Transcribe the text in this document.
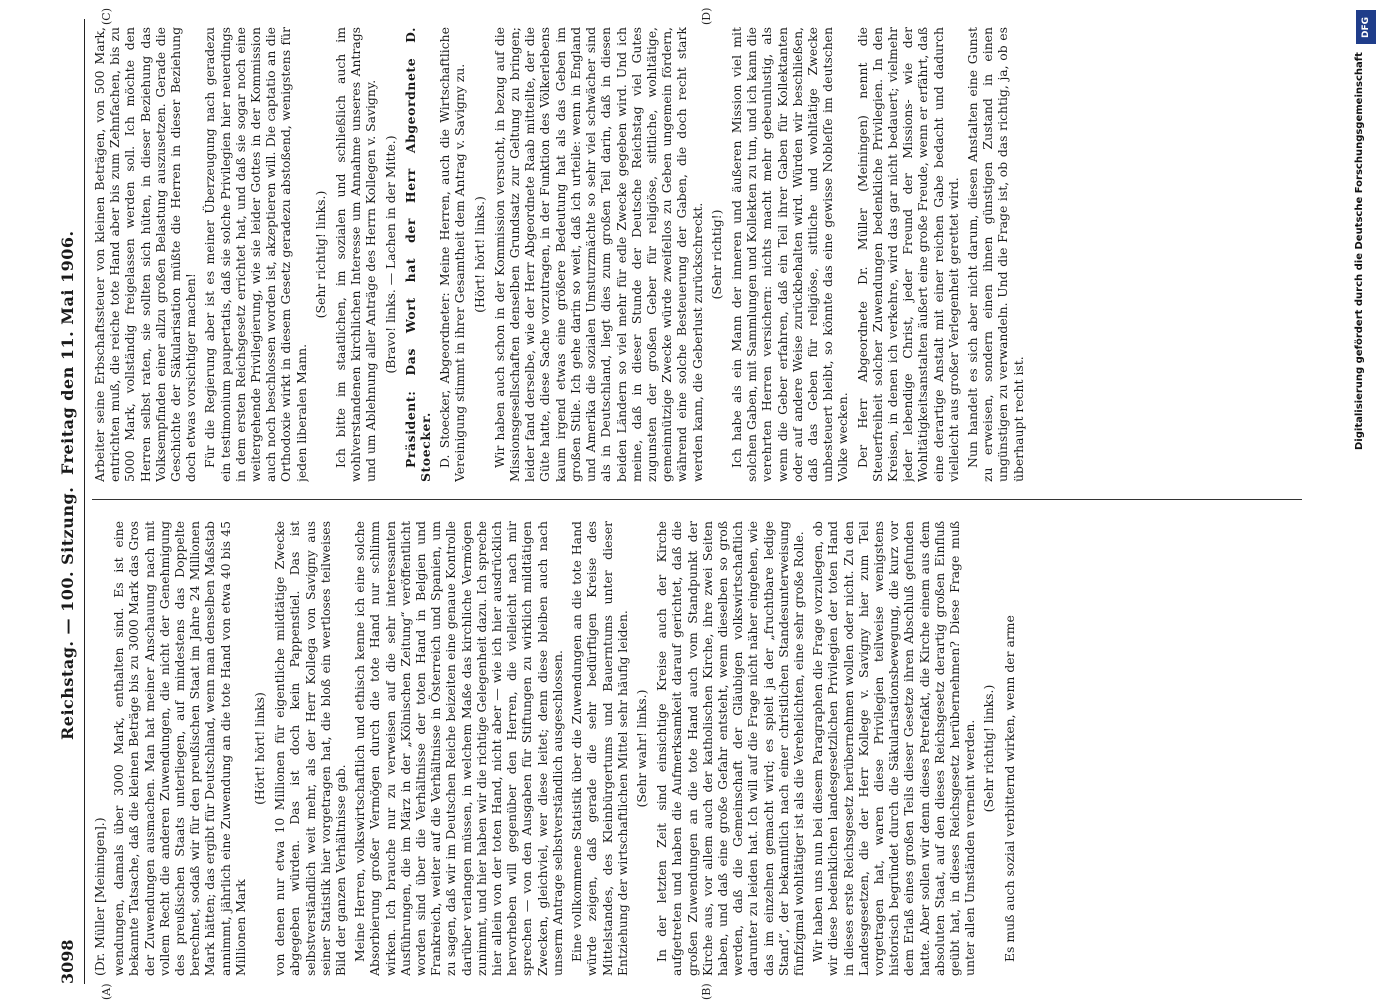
3098
Reichstag. — 100. Sitzung.
Freitag den 11. Mai 1906.
(A)	(B)
(C)	(D)

(Dr. Müller [Meiningen].) wendungen, damals über 3000 Mark, enthalten sind. Es ist eine bekannte Tatsache, daß die kleinen Beträge bis zu 3000 Mark das Gros der Zuwendungen ausmachen. Man hat meiner Anschauung nach mit vollem Recht die anderen Zuwendungen, die nicht der Genehmigung des preußischen Staats unterliegen, auf mindestens das Doppelte berechnet, sodaß wir für den preußischen Staat im Jahre 24 Millionen Mark hätten; das ergibt für Deutschland, wenn man denselben Maßstab annimmt, jährlich eine Zuwendung an die tote Hand von etwa 40 bis 45 Millionen Mark

(Hört! hört! links) von denen nur etwa 10 Millionen für eigentliche mildtätige Zwecke abgegeben würden. Das ist doch kein Pappenstiel. Das ist selbstverständlich weit mehr, als der Herr Kollega von Savigny aus seiner Statistik hier vorgetragen hat, die bloß ein wertloses teilweises Bild der ganzen Verhältnisse gab. Meine Herren, volkswirtschaftlich und ethisch kenne ich eine solche Absorbierung großer Vermögen durch die tote Hand nur schlimm wirken. Ich brauche nur zu verweisen auf die sehr interessanten Ausführungen, die im März in der „Kölnischen Zeitung“ veröffentlicht worden sind über die Verhältnisse der toten Hand in Belgien und Frankreich, weiter auf die Verhältnisse in Österreich und Spanien, um zu sagen, daß wir im Deutschen Reiche beizeiten eine genaue Kontrolle darüber verlangen müssen, in welchem Maße das kirchliche Vermögen zunimmt, und hier haben wir die richtige Gelegenheit dazu. Ich spreche hier allein von der toten Hand, nicht aber — wie ich hier ausdrücklich hervorheben will gegenüber den Herren, die vielleicht nach mir sprechen — von den Ausgaben für Stiftungen zu wirklich mildtätigen Zwecken, gleichviel, wer diese leitet; denn diese bleiben auch nach unserm Antrage selbstverständlich ausgeschlossen. Eine vollkommene Statistik über die Zuwendungen an die tote Hand würde zeigen, daß gerade die sehr bedürftigen Kreise des Mittelstandes, des Kleinbürgertums und Bauerntums unter dieser Entziehung der wirtschaftlichen Mittel sehr häufig leiden. (Sehr wahr! links.) In der letzten Zeit sind einsichtige Kreise auch der Kirche aufgetreten und haben die Aufmerksamkeit darauf gerichtet, daß die großen Zuwendungen an die tote Hand auch vom Standpunkt der Kirche aus, vor allem auch der katholischen Kirche, ihre zwei Seiten haben, und daß eine große Gefahr entsteht, wenn dieselben so groß werden, daß die Gemeinschaft der Gläubigen volkswirtschaftlich darunter zu leiden hat. Ich will auf die Frage nicht näher eingehen, wie das im einzelnen gemacht wird; es spielt ja der „fruchtbare ledige Stand“, der bekanntlich nach einer christlichen Standesunterweisung fünfzigmal wohltätiger ist als die Verehelichten, eine sehr große Rolle. Wir haben uns nun bei diesem Paragraphen die Frage vorzulegen, ob wir diese bedenklichen landesgesetzlichen Privilegien der toten Hand in dieses erste Reichsgesetz herübernehmen wollen oder nicht. Zu den Landesgesetzen, die der Herr Kollege v. Savigny hier zum Teil vorgetragen hat, waren diese Privilegien teilweise wenigstens historisch begründet durch die Säkularisationsbewegung, die kurz vor dem Erlaß eines großen Teils dieser Gesetze ihren Abschluß gefunden hatte. Aber sollen wir denn dieses Petrefakt, die Kirche einem aus dem absoluten Staat, auf den dieses Reichsgesetz derartig großen Einfluß geübt hat, in dieses Reichsgesetz herübernehmen? Diese Frage muß unter allen Umständen verneint werden. (Sehr richtig! links.) Es muß auch sozial verbitternd wirken, wenn der arme

Arbeiter seine Erbschaftssteuer von kleinen Beträgen, von 500 Mark, entrichten muß, die reiche tote Hand aber bis zum Zehnfachen, bis zu 5000 Mark, vollständig freigelassen werden soll. Ich möchte den Herren selbst raten, sie sollten sich hüten, in dieser Beziehung das Volksempfinden einer allzu großen Belastung auszusetzen. Gerade die Geschichte der Säkularisation müßte die Herren in dieser Beziehung doch etwas vorsichtiger machen! Für die Regierung aber ist es meiner Überzeugung nach geradezu ein testimonium paupertatis, daß sie solche Privilegien hier neuerdings in dem ersten Reichsgesetz errichtet hat, und daß sie sogar noch eine weitergehende Privilegierung, wie sie leider Gottes in der Kommission auch noch beschlossen worden ist, akzeptieren will. Die captatio an die Orthodoxie wirkt in diesem Gesetz geradezu abstoßend, wenigstens für jeden liberalen Mann.

(Sehr richtig! links.) Ich bitte im staatlichen, im sozialen und schließlich auch im wohlverstandenen kirchlichen Interesse um Annahme unseres Antrags und um Ablehnung aller Anträge des Herrn Kollegen v. Savigny. (Bravo! links. — Lachen in der Mitte.) Präsident: Das Wort hat der Herr Abgeordnete D. Stoecker. D. Stoecker, Abgeordneter: Meine Herren, auch die Wirtschaftliche Vereinigung stimmt in ihrer Gesamtheit dem Antrag v. Savigny zu. (Hört! hört! links.) Wir haben auch schon in der Kommission versucht, in bezug auf die Missionsgesellschaften denselben Grundsatz zur Geltung zu bringen; leider fand derselbe, wie der Herr Abgeordnete Raab mitteilte, der die Güte hatte, diese Sache vorzutragen, in der Funktion des Völkerlebens kaum irgend etwas eine größere Bedeutung hat als das Geben im großen Stile. Ich gehe darin so weit, daß ich urteile: wenn in England und Amerika die sozialen Umsturzmächte so sehr viel schwächer sind als in Deutschland, liegt dies zum großen Teil darin, daß in diesen beiden Ländern so viel mehr für edle Zwecke gegeben wird. Und ich meine, daß in dieser Stunde der Deutsche Reichstag viel Gutes zugunsten der großen Geber für religiöse, sittliche, wohltätige, gemeinnützige Zwecke würde zweifellos zu Geben ungemein fördern, während eine solche Besteuerung der Gaben, die doch recht stark werden kann, die Geberlust zurückschreckt. (Sehr richtig!) Ich habe als ein Mann der inneren und äußeren Mission viel mit solchen Gaben, mit Sammlungen und Kollekten zu tun, und ich kann die verehrten Herren versichern: nichts macht mehr gebeunlustig, als wenn die Geber erfahren, daß ein Teil ihrer Gaben für Kollektanten oder auf andere Weise zurückbehalten wird. Würden wir beschließen, daß das Geben für religiöse, sittliche und wohltätige Zwecke unbesteuert bleibt, so könnte das eine gewisse Nobleſſe im deutschen Volke wecken. Der Herr Abgeordnete Dr. Müller (Meiningen) nennt die Steuerfreiheit solcher Zuwendungen bedenkliche Privilegien. In den Kreisen, in denen ich verkehre, wird das gar nicht bedauert; vielmehr jeder lebendige Christ, jeder Freund der Missions- wie der Wohltätigkeitsanstalten äußert eine große Freude, wenn er erfährt, daß eine derartige Anstalt mit einer reichen Gabe bedacht und dadurch vielleicht aus großer Verlegenheit gerettet wird. Nun handelt es sich aber nicht darum, diesen Anstalten eine Gunst zu erweisen, sondern einen ihnen günstigen Zustand in einen ungünstigen zu verwandeln. Und die Frage ist, ob das richtig, ja, ob es überhaupt recht ist.

DFG
Digitalisierung gefördert durch die Deutsche Forschungsgemeinschaft
